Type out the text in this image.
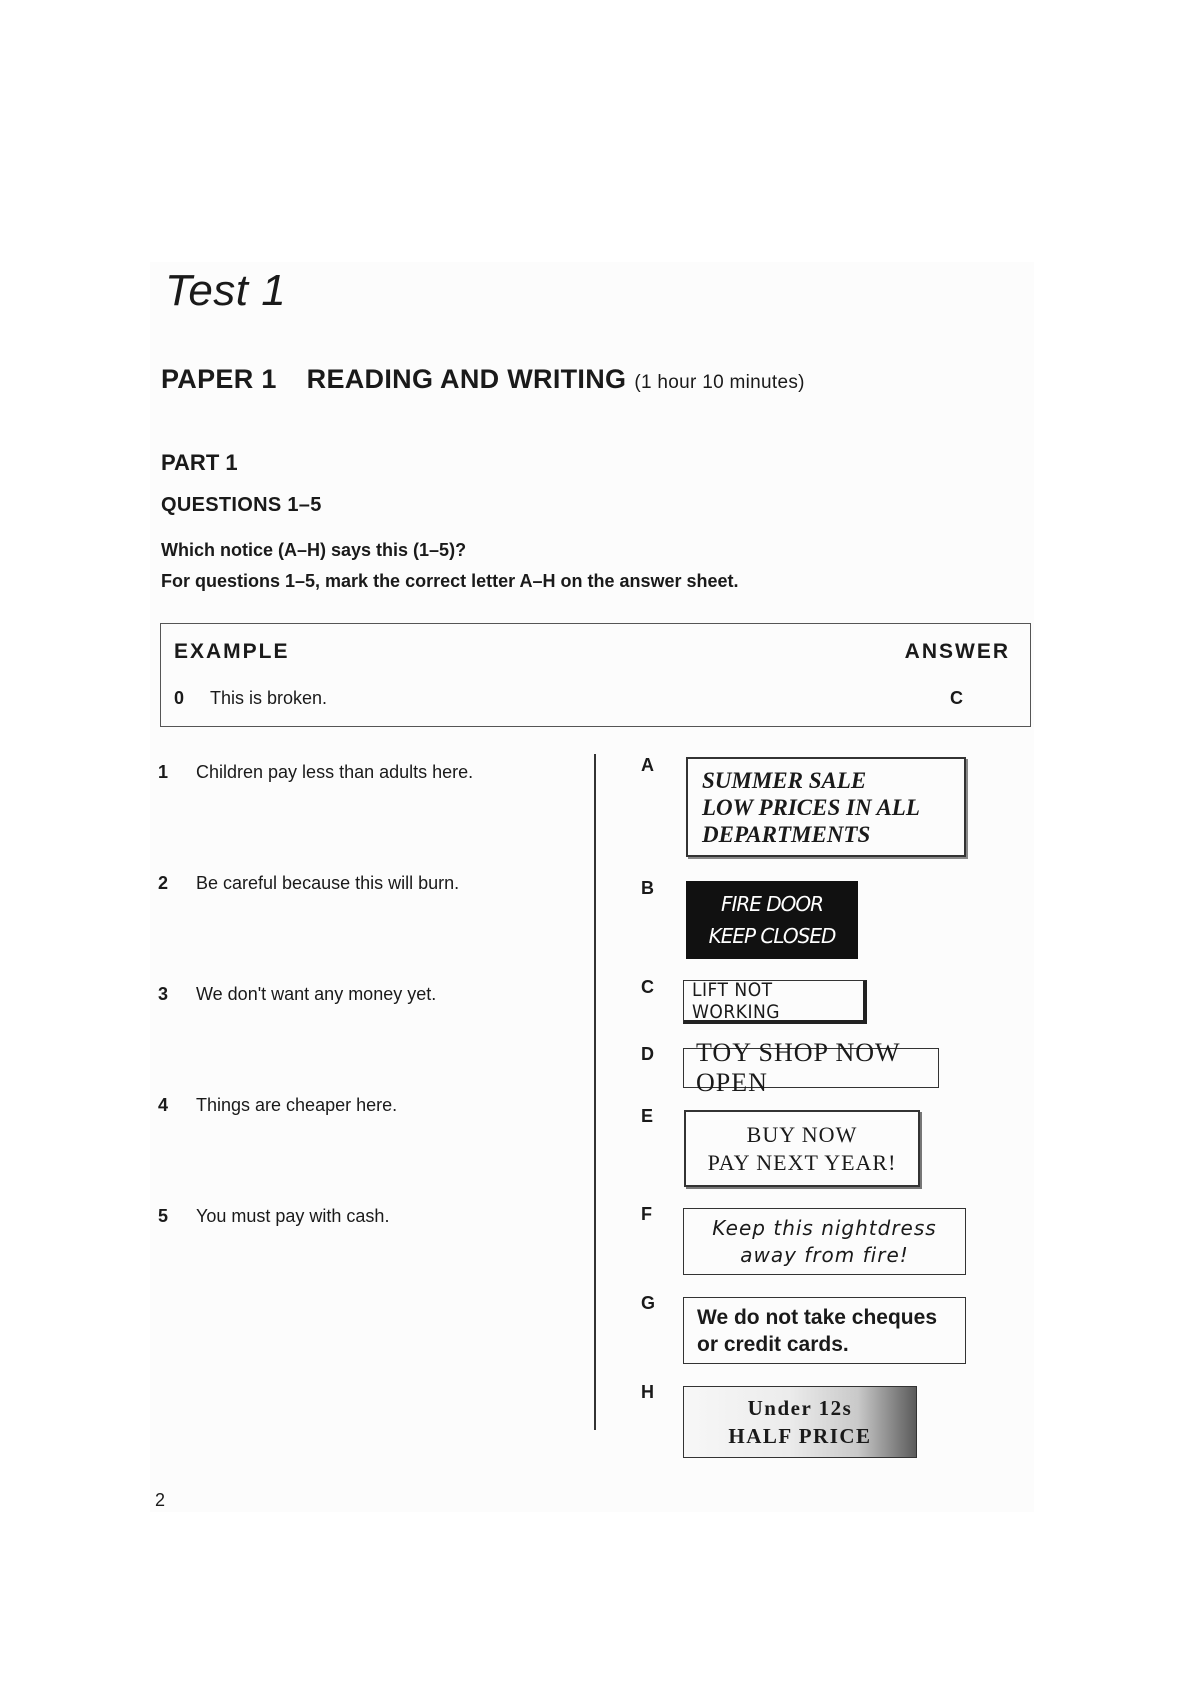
Test 1
PAPER 1 READING AND WRITING (1 hour 10 minutes)
PART 1
QUESTIONS 1–5
Which notice (A–H) says this (1–5)?
For questions 1–5, mark the correct letter A–H on the answer sheet.
EXAMPLE	ANSWER
0 This is broken.	C
1 Children pay less than adults here.
2 Be careful because this will burn.
3 We don't want any money yet.
4 Things are cheaper here.
5 You must pay with cash.
A
B
C
D
E
F
G
H
SUMMER SALE
LOW PRICES IN ALL
DEPARTMENTS
FIRE DOOR
KEEP CLOSED
LIFT NOT WORKING
TOY SHOP NOW OPEN
BUY NOW
PAY NEXT YEAR!
Keep this nightdress
away from fire!
We do not take cheques
or credit cards.
Under 12s
HALF PRICE
2
